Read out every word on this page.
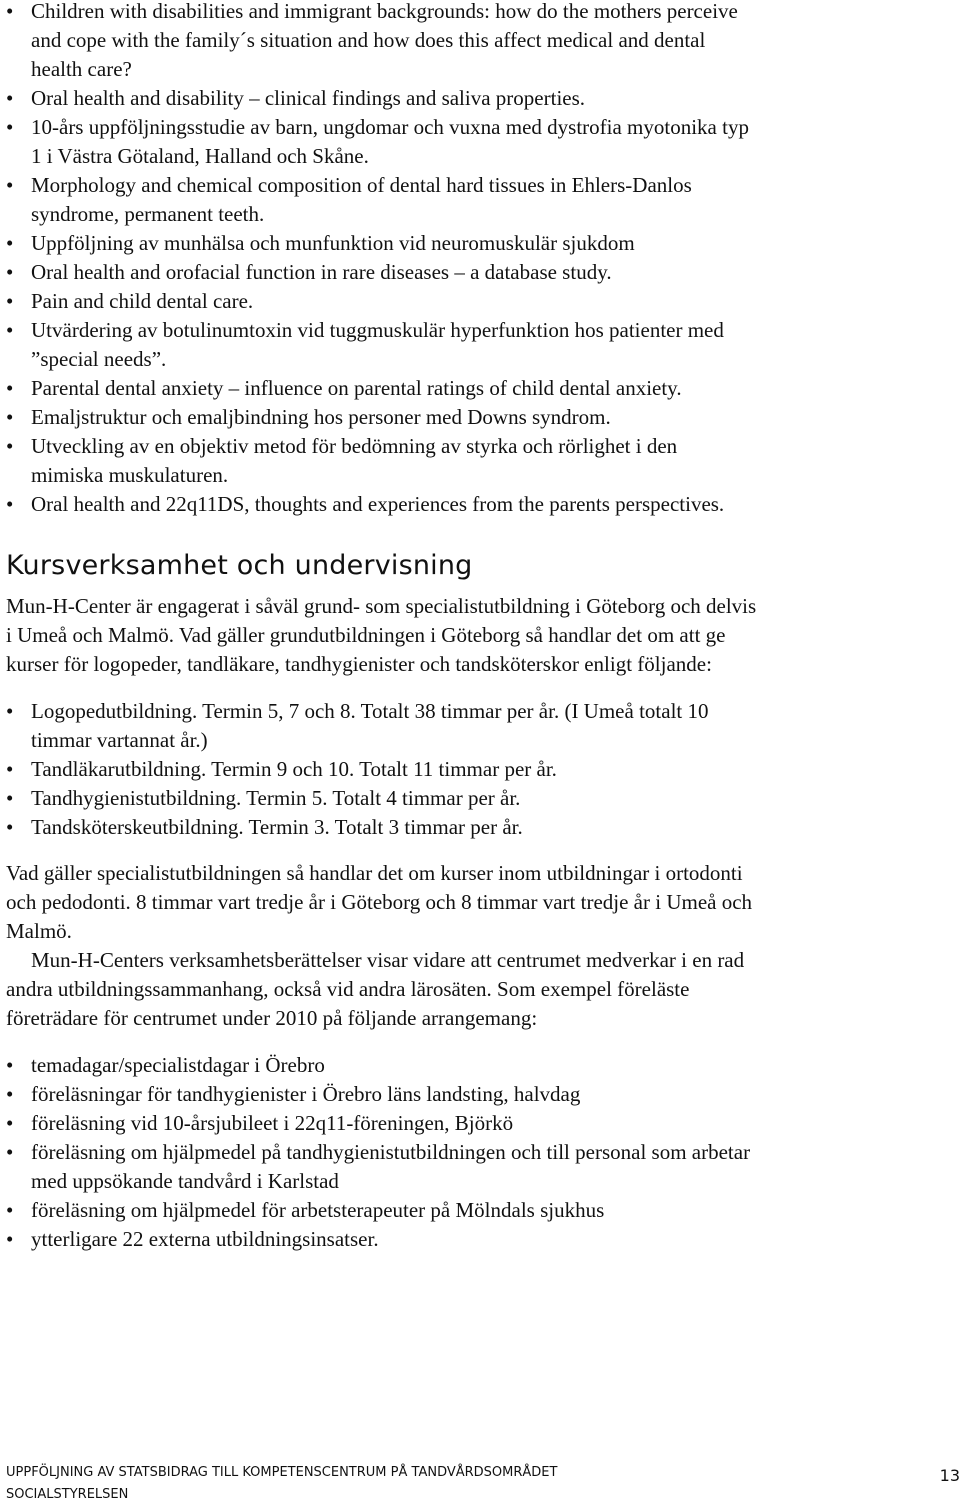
• Children with disabilities and immigrant backgrounds: how do the mothers perceive and cope with the family´s situation and how does this affect medical and dental health care?
• Oral health and disability – clinical findings and saliva properties.
• 10-års uppföljningsstudie av barn, ungdomar och vuxna med dystrofia myotonika typ 1 i Västra Götaland, Halland och Skåne.
• Morphology and chemical composition of dental hard tissues in Ehlers-Danlos syndrome, permanent teeth.
• Uppföljning av munhälsa och munfunktion vid neuromuskulär sjukdom
• Oral health and orofacial function in rare diseases – a database study.
• Pain and child dental care.
• Utvärdering av botulinumtoxin vid tuggmuskulär hyperfunktion hos patienter med ”special needs”.
• Parental dental anxiety – influence on parental ratings of child dental anxiety.
• Emaljstruktur och emaljbindning hos personer med Downs syndrom.
• Utveckling av en objektiv metod för bedömning av styrka och rörlighet i den mimiska muskulaturen.
• Oral health and 22q11DS, thoughts and experiences from the parents perspectives.
Kursverksamhet och undervisning

Mun-H-Center är engagerat i såväl grund- som specialistutbildning i Göteborg och delvis i Umeå och Malmö. Vad gäller grundutbildningen i Göteborg så handlar det om att ge kurser för logopeder, tandläkare, tandhygienister och tandsköterskor enligt följande:

• Logopedutbildning. Termin 5, 7 och 8. Totalt 38 timmar per år. (I Umeå totalt 10 timmar vartannat år.)
• Tandläkarutbildning. Termin 9 och 10. Totalt 11 timmar per år.
• Tandhygienistutbildning. Termin 5. Totalt 4 timmar per år.
• Tandsköterskeutbildning. Termin 3. Totalt 3 timmar per år.

Vad gäller specialistutbildningen så handlar det om kurser inom utbildningar i ortodonti och pedodonti. 8 timmar vart tredje år i Göteborg och 8 timmar vart tredje år i Umeå och Malmö.

Mun-H-Centers verksamhetsberättelser visar vidare att centrumet medverkar i en rad andra utbildningssammanhang, också vid andra lärosäten. Som exempel föreläste företrädare för centrumet under 2010 på följande arrangemang:

• temadagar/specialistdagar i Örebro
• föreläsningar för tandhygienister i Örebro läns landsting, halvdag
• föreläsning vid 10-årsjubileet i 22q11-föreningen, Björkö
• föreläsning om hjälpmedel på tandhygienistutbildningen och till personal som arbetar med uppsökande tandvård i Karlstad
• föreläsning om hjälpmedel för arbetsterapeuter på Mölndals sjukhus
• ytterligare 22 externa utbildningsinsatser.
UPPFÖLJNING AV STATSBIDRAG TILL KOMPETENSCENTRUM PÅ TANDVÅRDSOMRÅDET
SOCIALSTYRELSEN
13
